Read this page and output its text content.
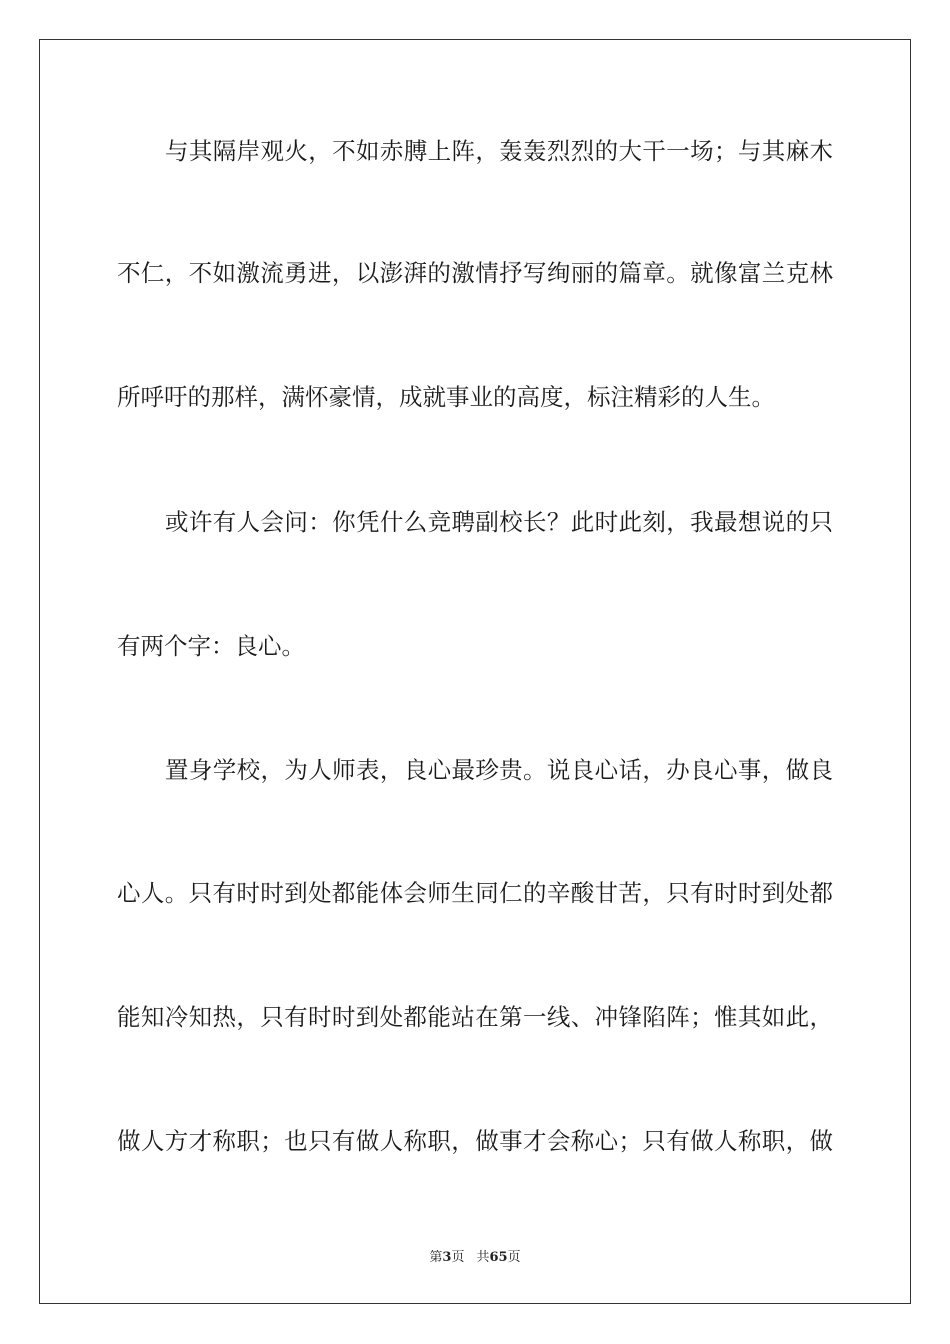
与其隔岸观火，不如赤膊上阵，轰轰烈烈的大干一场；与其麻木
不仁，不如激流勇进，以澎湃的激情抒写绚丽的篇章。就像富兰克林
所呼吁的那样，满怀豪情，成就事业的高度，标注精彩的人生。
或许有人会问：你凭什么竞聘副校长？此时此刻，我最想说的只
有两个字：良心。
置身学校，为人师表，良心最珍贵。说良心话，办良心事，做良
心人。只有时时到处都能体会师生同仁的辛酸甘苦，只有时时到处都
能知冷知热，只有时时到处都能站在第一线、冲锋陷阵；惟其如此，
做人方才称职；也只有做人称职，做事才会称心；只有做人称职，做
第3页 共65页
